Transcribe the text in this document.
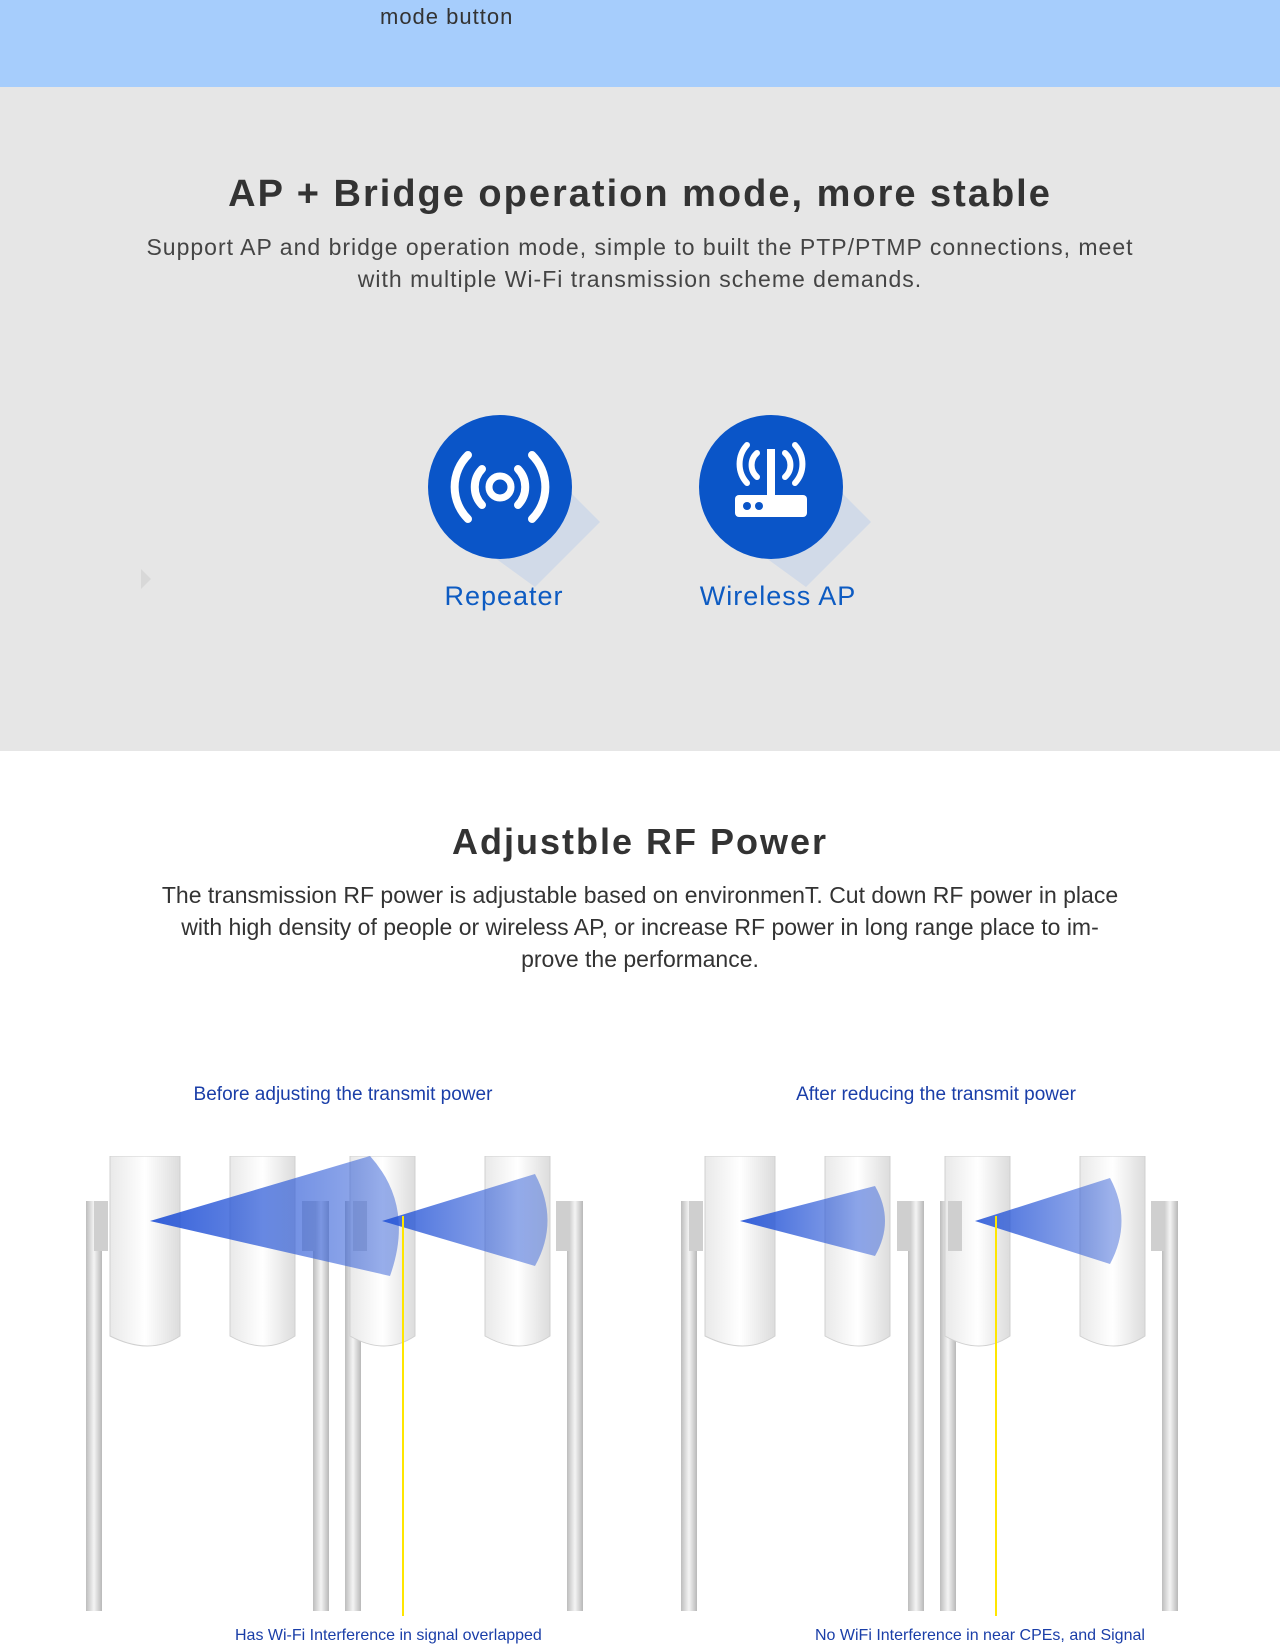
mode button
AP + Bridge operation mode, more stable
Support AP and bridge operation mode, simple to built the PTP/PTMP connections, meet
with multiple Wi-Fi transmission scheme demands.
Repeater	Wireless AP
Adjustble RF Power
The transmission RF power is adjustable based on environmenT. Cut down RF power in place
with high density of people or wireless AP, or increase RF power in long range place to im-
prove the performance.
Before adjusting the transmit power	After reducing the transmit power
Has Wi-Fi Interference in signal overlapped	No WiFi Interference in near CPEs, and Signal
